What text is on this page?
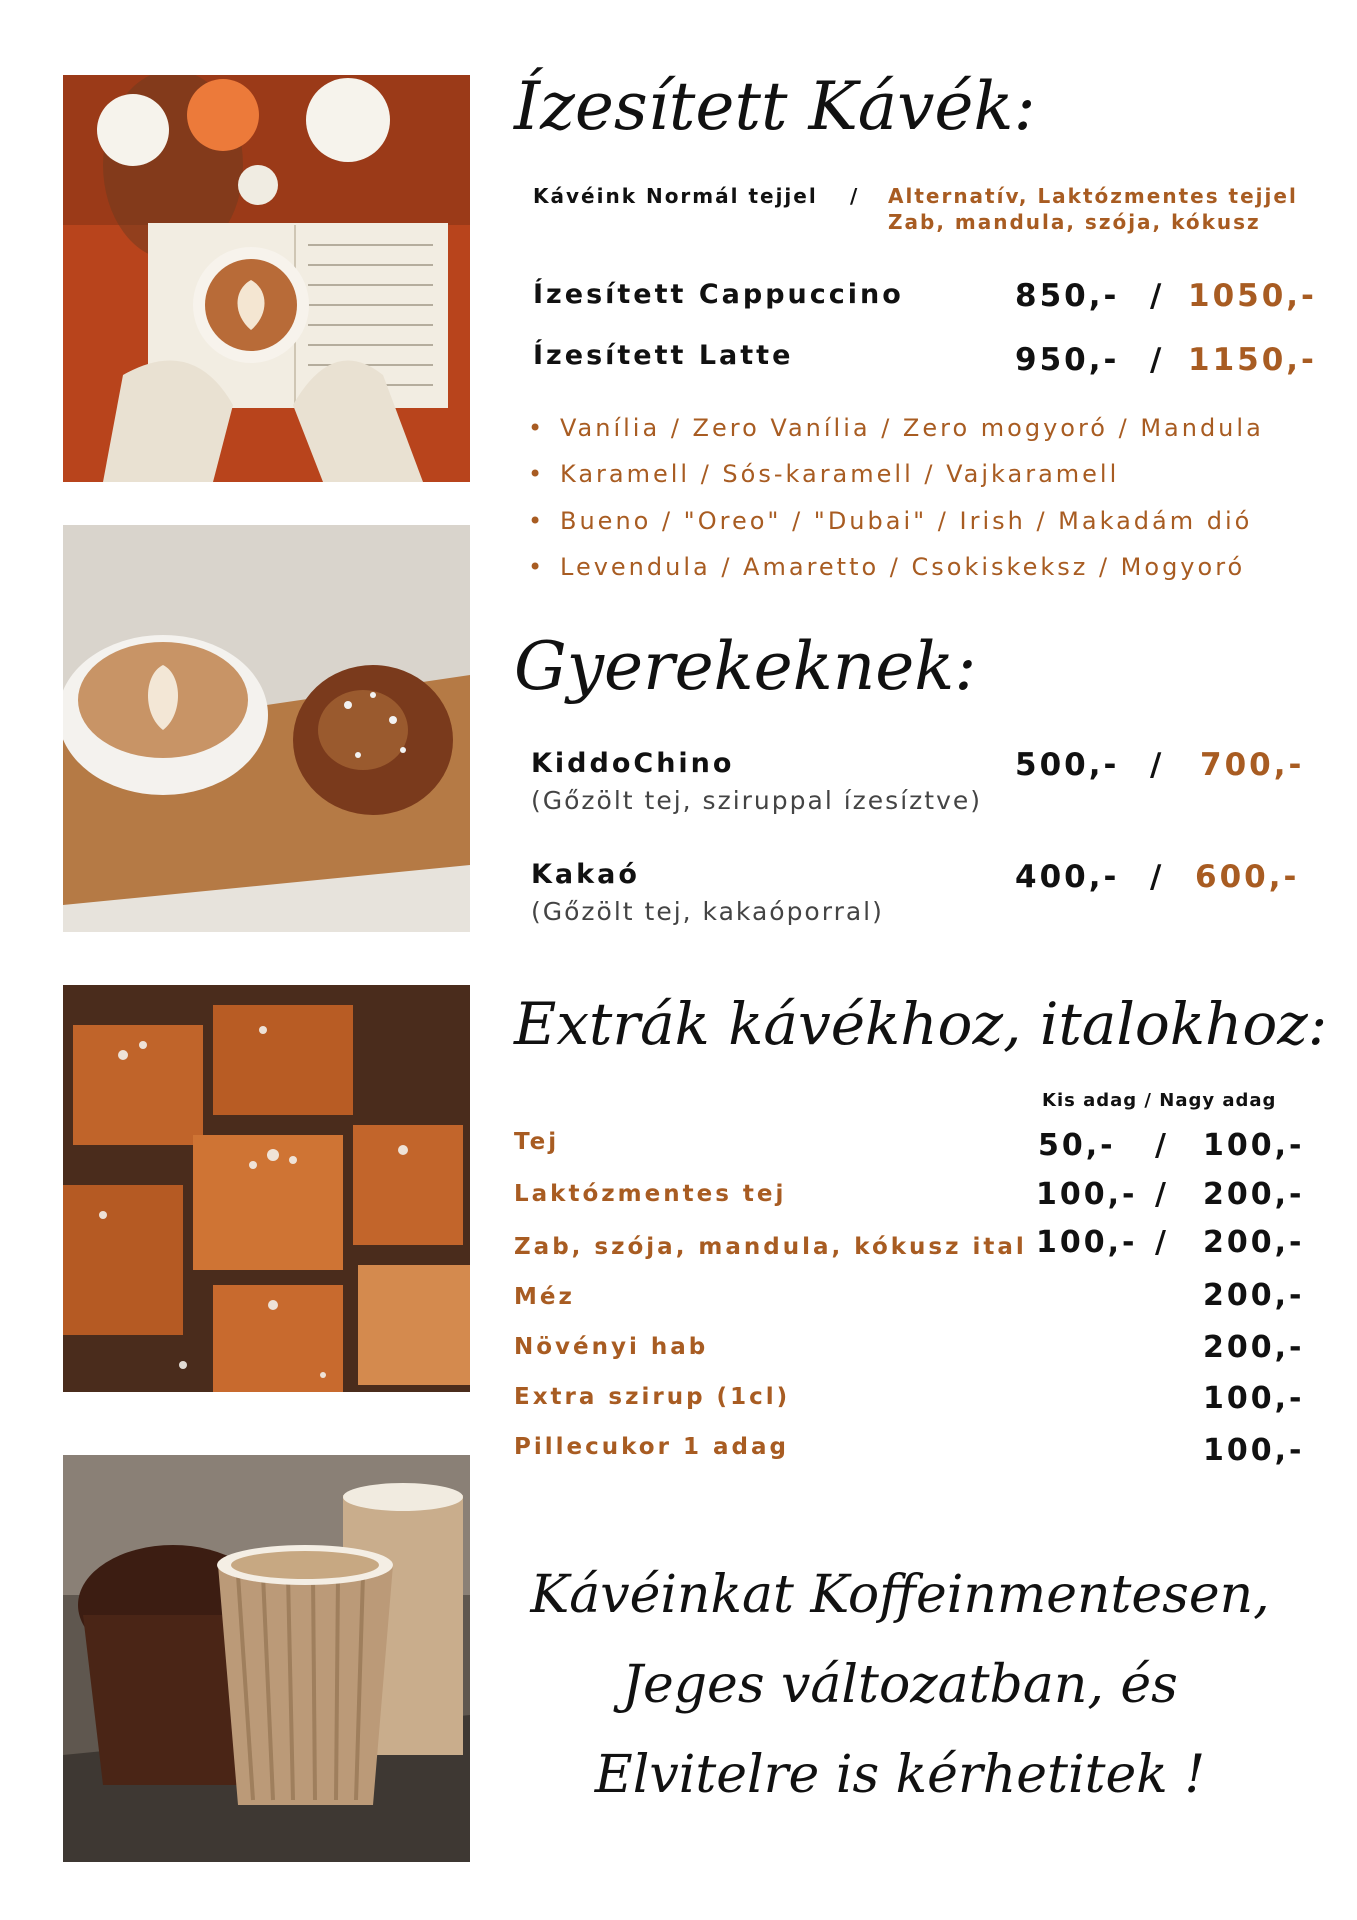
Ízesített Kávék:
Kávéink Normál tejjel / Alternatív, Laktózmentes tejjel
Zab, mandula, szója, kókusz
Ízesített Cappuccino	850,- / 1050,-
Ízesített Latte	950,- / 1150,-
• Vanília / Zero Vanília / Zero mogyoró / Mandula
• Karamell / Sós-karamell / Vajkaramell
• Bueno / "Oreo" / "Dubai" / Irish / Makadám dió
• Levendula / Amaretto / Csokiskeksz / Mogyoró
Gyerekeknek:
KiddoChino
(Gőzölt tej, sziruppal ízesíztve)
500,- / 700,-
Kakaó
(Gőzölt tej, kakaóporral)
400,- / 600,-
Extrák kávékhoz, italokhoz:
Kis adag / Nagy adag
Tej	50,- / 100,-
Laktózmentes tej	100,- / 200,-
Zab, szója, mandula, kókusz ital 100,- / 200,-
Méz	200,-
Növényi hab	200,-
Extra szirup (1cl)	100,-
Pillecukor 1 adag	100,-
Kávéinkat Koffeinmentesen,
Jeges változatban, és
Elvitelre is kérhetitek !
